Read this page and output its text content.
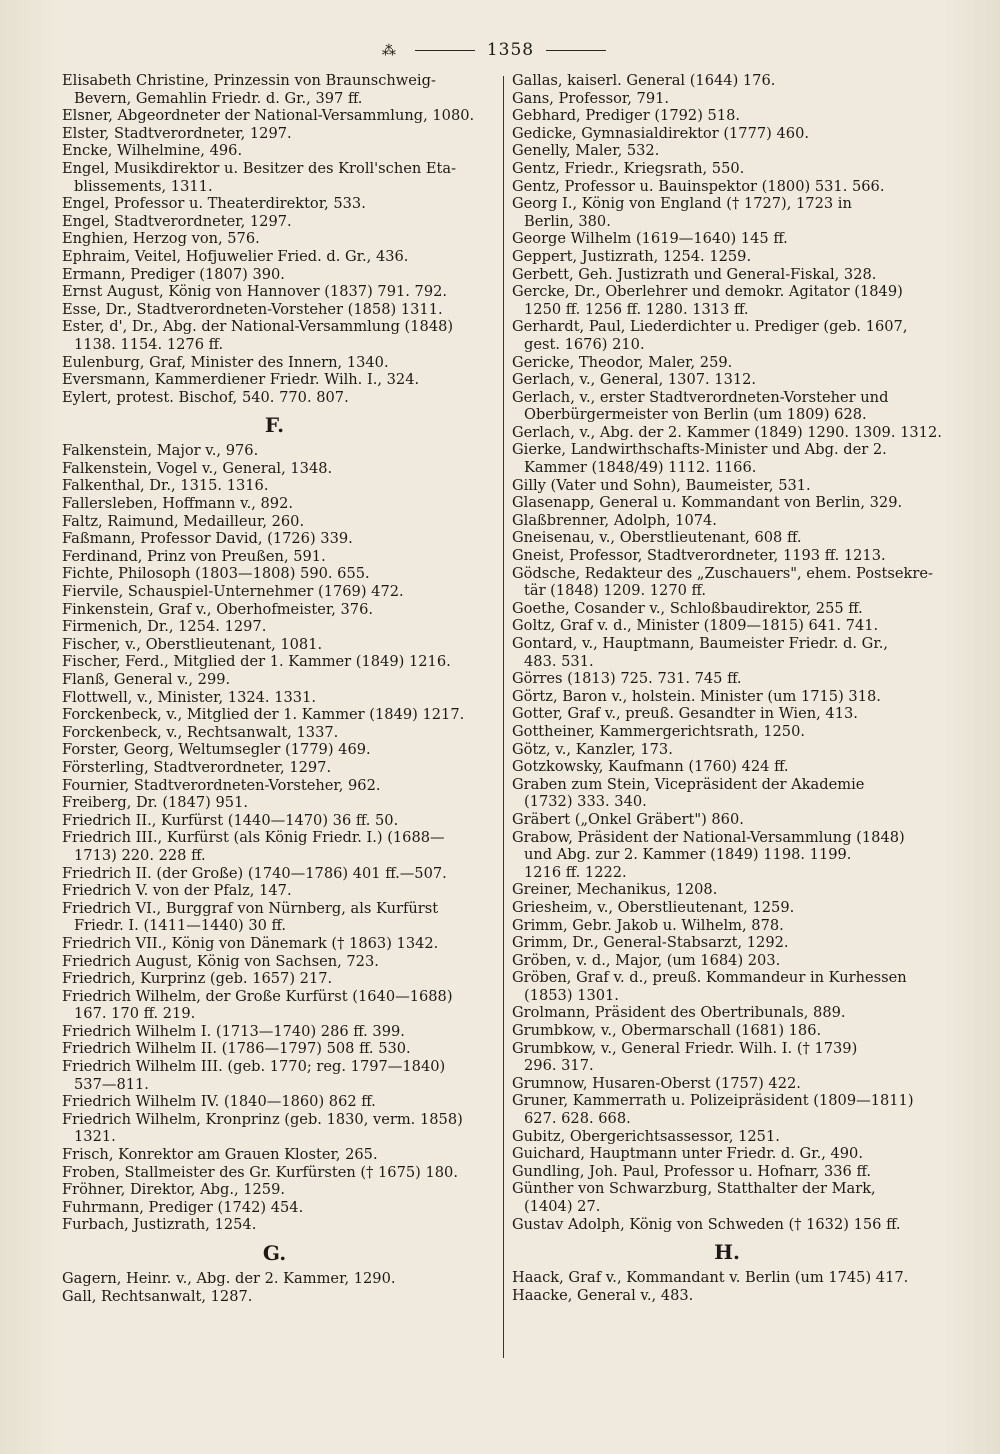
⁂	1358

Elisabeth Christine, Prinzessin von Braunschweig-
Bevern, Gemahlin Friedr. d. Gr., 397 ff.

Elsner, Abgeordneter der National-Versammlung, 1080.

Elster, Stadtverordneter, 1297.

Encke, Wilhelmine, 496.

Engel, Musikdirektor u. Besitzer des Kroll'schen Eta-
blissements, 1311.

Engel, Professor u. Theaterdirektor, 533.

Engel, Stadtverordneter, 1297.

Enghien, Herzog von, 576.

Ephraim, Veitel, Hofjuwelier Fried. d. Gr., 436.

Ermann, Prediger (1807) 390.

Ernst August, König von Hannover (1837) 791. 792.

Esse, Dr., Stadtverordneten-Vorsteher (1858) 1311.

Ester, d', Dr., Abg. der National-Versammlung (1848)
1138. 1154. 1276 ff.

Eulenburg, Graf, Minister des Innern, 1340.

Eversmann, Kammerdiener Friedr. Wilh. I., 324.

Eylert, protest. Bischof, 540. 770. 807.

F.

Falkenstein, Major v., 976.

Falkenstein, Vogel v., General, 1348.

Falkenthal, Dr., 1315. 1316.

Fallersleben, Hoffmann v., 892.

Faltz, Raimund, Medailleur, 260.

Faßmann, Professor David, (1726) 339.

Ferdinand, Prinz von Preußen, 591.

Fichte, Philosoph (1803—1808) 590. 655.

Fiervile, Schauspiel-Unternehmer (1769) 472.

Finkenstein, Graf v., Oberhofmeister, 376.

Firmenich, Dr., 1254. 1297.

Fischer, v., Oberstlieutenant, 1081.

Fischer, Ferd., Mitglied der 1. Kammer (1849) 1216.

Flanß, General v., 299.

Flottwell, v., Minister, 1324. 1331.

Forckenbeck, v., Mitglied der 1. Kammer (1849) 1217.

Forckenbeck, v., Rechtsanwalt, 1337.

Forster, Georg, Weltumsegler (1779) 469.

Försterling, Stadtverordneter, 1297.

Fournier, Stadtverordneten-Vorsteher, 962.

Freiberg, Dr. (1847) 951.

Friedrich II., Kurfürst (1440—1470) 36 ff. 50.

Friedrich III., Kurfürst (als König Friedr. I.) (1688—
1713) 220. 228 ff.

Friedrich II. (der Große) (1740—1786) 401 ff.—507.

Friedrich V. von der Pfalz, 147.

Friedrich VI., Burggraf von Nürnberg, als Kurfürst
Friedr. I. (1411—1440) 30 ff.

Friedrich VII., König von Dänemark († 1863) 1342.

Friedrich August, König von Sachsen, 723.

Friedrich, Kurprinz (geb. 1657) 217.

Friedrich Wilhelm, der Große Kurfürst (1640—1688)
167. 170 ff. 219.

Friedrich Wilhelm I. (1713—1740) 286 ff. 399.

Friedrich Wilhelm II. (1786—1797) 508 ff. 530.

Friedrich Wilhelm III. (geb. 1770; reg. 1797—1840)
537—811.

Friedrich Wilhelm IV. (1840—1860) 862 ff.

Friedrich Wilhelm, Kronprinz (geb. 1830, verm. 1858)
1321.

Frisch, Konrektor am Grauen Kloster, 265.

Froben, Stallmeister des Gr. Kurfürsten († 1675) 180.

Fröhner, Direktor, Abg., 1259.

Fuhrmann, Prediger (1742) 454.

Furbach, Justizrath, 1254.

G.

Gagern, Heinr. v., Abg. der 2. Kammer, 1290.

Gall, Rechtsanwalt, 1287.

Gallas, kaiserl. General (1644) 176.

Gans, Professor, 791.

Gebhard, Prediger (1792) 518.

Gedicke, Gymnasialdirektor (1777) 460.

Genelly, Maler, 532.

Gentz, Friedr., Kriegsrath, 550.

Gentz, Professor u. Bauinspektor (1800) 531. 566.

Georg I., König von England († 1727), 1723 in
Berlin, 380.

George Wilhelm (1619—1640) 145 ff.

Geppert, Justizrath, 1254. 1259.

Gerbett, Geh. Justizrath und General-Fiskal, 328.

Gercke, Dr., Oberlehrer und demokr. Agitator (1849)
1250 ff. 1256 ff. 1280. 1313 ff.

Gerhardt, Paul, Liederdichter u. Prediger (geb. 1607,
gest. 1676) 210.

Gericke, Theodor, Maler, 259.

Gerlach, v., General, 1307. 1312.

Gerlach, v., erster Stadtverordneten-Vorsteher und
Oberbürgermeister von Berlin (um 1809) 628.

Gerlach, v., Abg. der 2. Kammer (1849) 1290. 1309. 1312.

Gierke, Landwirthschafts-Minister und Abg. der 2.
Kammer (1848/49) 1112. 1166.

Gilly (Vater und Sohn), Baumeister, 531.

Glasenapp, General u. Kommandant von Berlin, 329.

Glaßbrenner, Adolph, 1074.

Gneisenau, v., Oberstlieutenant, 608 ff.

Gneist, Professor, Stadtverordneter, 1193 ff. 1213.

Gödsche, Redakteur des „Zuschauers", ehem. Postsekre-
tär (1848) 1209. 1270 ff.

Goethe, Cosander v., Schloßbaudirektor, 255 ff.

Goltz, Graf v. d., Minister (1809—1815) 641. 741.

Gontard, v., Hauptmann, Baumeister Friedr. d. Gr.,
483. 531.

Görres (1813) 725. 731. 745 ff.

Görtz, Baron v., holstein. Minister (um 1715) 318.

Gotter, Graf v., preuß. Gesandter in Wien, 413.

Gottheiner, Kammergerichtsrath, 1250.

Götz, v., Kanzler, 173.

Gotzkowsky, Kaufmann (1760) 424 ff.

Graben zum Stein, Vicepräsident der Akademie
(1732) 333. 340.

Gräbert („Onkel Gräbert") 860.

Grabow, Präsident der National-Versammlung (1848)
und Abg. zur 2. Kammer (1849) 1198. 1199.
1216 ff. 1222.

Greiner, Mechanikus, 1208.

Griesheim, v., Oberstlieutenant, 1259.

Grimm, Gebr. Jakob u. Wilhelm, 878.

Grimm, Dr., General-Stabsarzt, 1292.

Gröben, v. d., Major, (um 1684) 203.

Gröben, Graf v. d., preuß. Kommandeur in Kurhessen
(1853) 1301.

Grolmann, Präsident des Obertribunals, 889.

Grumbkow, v., Obermarschall (1681) 186.

Grumbkow, v., General Friedr. Wilh. I. († 1739)
296. 317.

Grumnow, Husaren-Oberst (1757) 422.

Gruner, Kammerrath u. Polizeipräsident (1809—1811)
627. 628. 668.

Gubitz, Obergerichtsassessor, 1251.

Guichard, Hauptmann unter Friedr. d. Gr., 490.

Gundling, Joh. Paul, Professor u. Hofnarr, 336 ff.

Günther von Schwarzburg, Statthalter der Mark,
(1404) 27.

Gustav Adolph, König von Schweden († 1632) 156 ff.

H.

Haack, Graf v., Kommandant v. Berlin (um 1745) 417.

Haacke, General v., 483.
